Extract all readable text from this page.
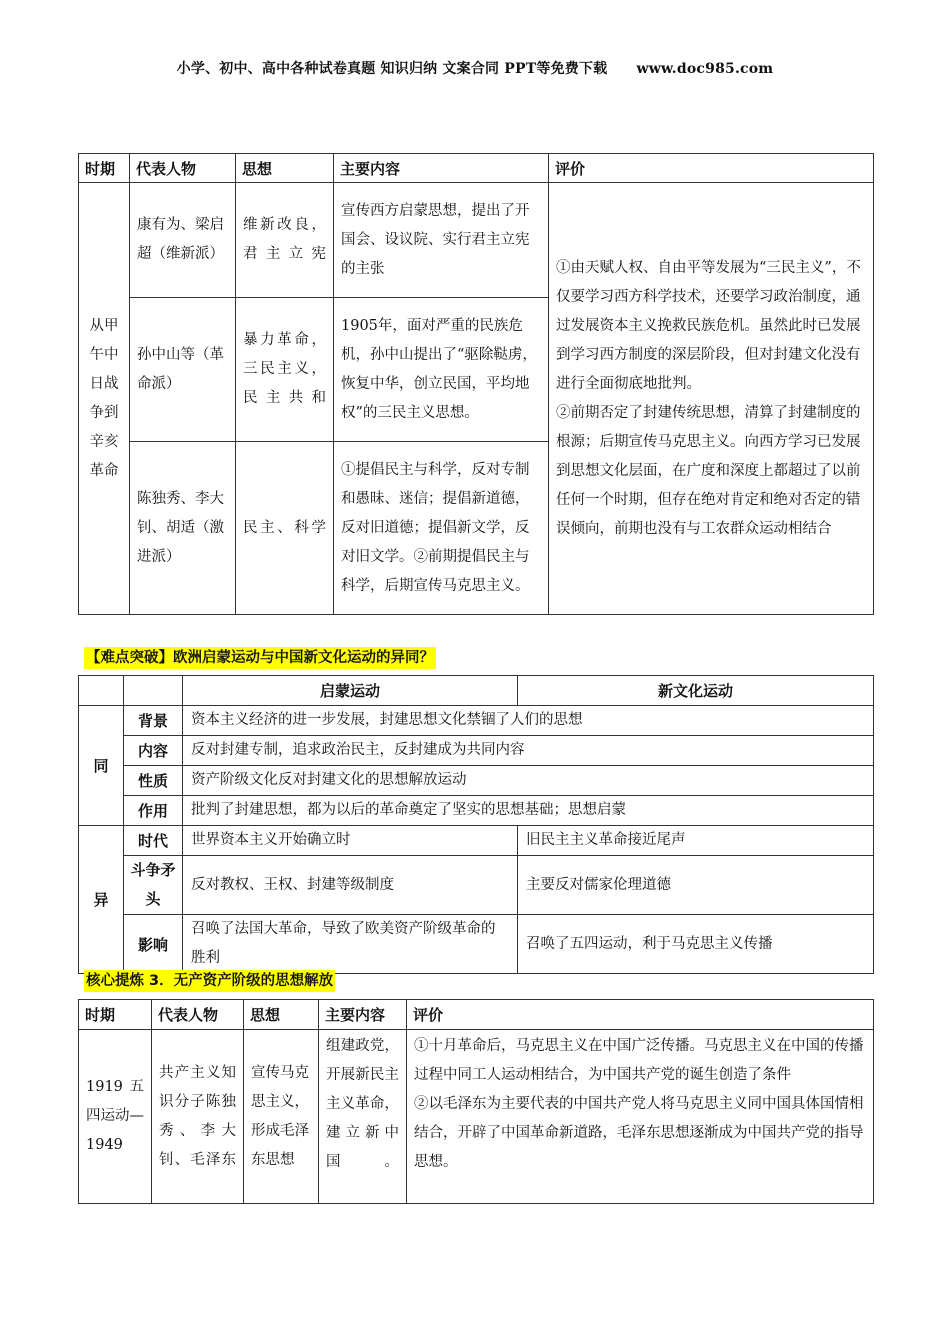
小学、初中、高中各种试卷真题 知识归纳 文案合同 PPT等免费下载 www.doc985.com
时期	代表人物	思想	主要内容	评价
从甲午中日战争到辛亥革命	康有为、梁启超（维新派）	维新改良，君主立宪	宣传西方启蒙思想，提出了开国会、设议院、实行君主立宪的主张	①由天赋人权、自由平等发展为“三民主义”，不仅要学习西方科学技术，还要学习政治制度，通过发展资本主义挽救民族危机。虽然此时已发展到学习西方制度的深层阶段，但对封建文化没有进行全面彻底地批判。
②前期否定了封建传统思想，清算了封建制度的根源；后期宣传马克思主义。向西方学习已发展到思想文化层面，在广度和深度上都超过了以前任何一个时期，但存在绝对肯定和绝对否定的错误倾向，前期也没有与工农群众运动相结合

	孙中山等（革命派）	暴力革命，三民主义，民主共和	1905年，面对严重的民族危机，孙中山提出了“驱除鞑虏，恢复中华，创立民国，平均地权”的三民主义思想。	
	陈独秀、李大钊、胡适（激进派）	民主、科学	①提倡民主与科学，反对专制和愚昧、迷信；提倡新道德，反对旧道德；提倡新文学，反对旧文学。②前期提倡民主与科学，后期宣传马克思主义。	
【难点突破】欧洲启蒙运动与中国新文化运动的异同？
		启蒙运动	新文化运动
同	背景	资本主义经济的进一步发展，封建思想文化禁锢了人们的思想	
	内容	反对封建专制，追求政治民主，反封建成为共同内容	
	性质	资产阶级文化反对封建文化的思想解放运动	
	作用	批判了封建思想，都为以后的革命奠定了坚实的思想基础；思想启蒙	
异	时代	世界资本主义开始确立时	旧民主主义革命接近尾声
	斗争矛头	反对教权、王权、封建等级制度	主要反对儒家伦理道德
	影响	召唤了法国大革命，导致了欧美资产阶级革命的胜利	召唤了五四运动，利于马克思主义传播
核心提炼 3．无产资产阶级的思想解放
时期	代表人物	思想	主要内容	评价
1919五四运动—1949	共产主义知识分子陈独秀、李大钊、毛泽东	宣传马克思主义，形成毛泽东思想	组建政党，开展新民主主义革命，建立新中国。	①十月革命后，马克思主义在中国广泛传播。马克思主义在中国的传播过程中同工人运动相结合，为中国共产党的诞生创造了条件
②以毛泽东为主要代表的中国共产党人将马克思主义同中国具体国情相结合，开辟了中国革命新道路，毛泽东思想逐渐成为中国共产党的指导思想。
